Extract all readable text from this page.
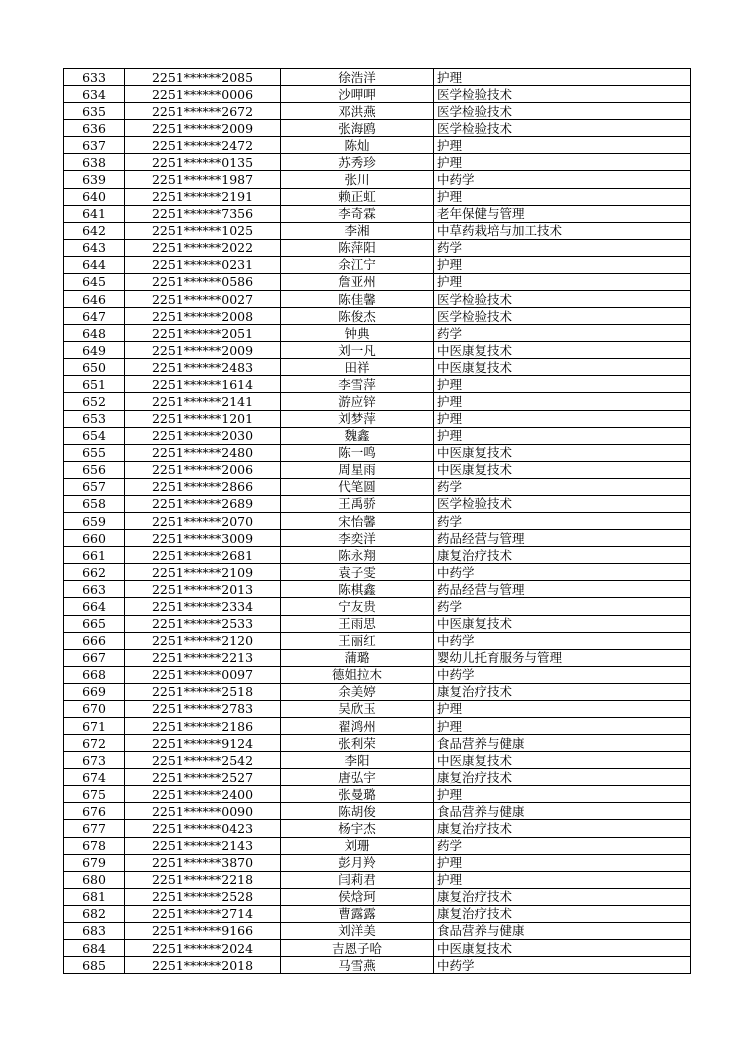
633	2251******2085	徐浩洋	护理
634	2251******0006	沙呷呷	医学检验技术
635	2251******2672	邓洪燕	医学检验技术
636	2251******2009	张海鸥	医学检验技术
637	2251******2472	陈灿	护理
638	2251******0135	苏秀珍	护理
639	2251******1987	张川	中药学
640	2251******2191	赖正虹	护理
641	2251******7356	李奇霖	老年保健与管理
642	2251******1025	李湘	中草药栽培与加工技术
643	2251******2022	陈萍阳	药学
644	2251******0231	余江宁	护理
645	2251******0586	詹亚州	护理
646	2251******0027	陈佳馨	医学检验技术
647	2251******2008	陈俊杰	医学检验技术
648	2251******2051	钟典	药学
649	2251******2009	刘一凡	中医康复技术
650	2251******2483	田祥	中医康复技术
651	2251******1614	李雪萍	护理
652	2251******2141	游应锌	护理
653	2251******1201	刘梦萍	护理
654	2251******2030	魏鑫	护理
655	2251******2480	陈一鸣	中医康复技术
656	2251******2006	周星雨	中医康复技术
657	2251******2866	代笔圆	药学
658	2251******2689	王禹骄	医学检验技术
659	2251******2070	宋怡馨	药学
660	2251******3009	李奕洋	药品经营与管理
661	2251******2681	陈永翔	康复治疗技术
662	2251******2109	袁子雯	中药学
663	2251******2013	陈棋鑫	药品经营与管理
664	2251******2334	宁友贵	药学
665	2251******2533	王雨思	中医康复技术
666	2251******2120	王丽红	中药学
667	2251******2213	蒲璐	婴幼儿托育服务与管理
668	2251******0097	德姐拉木	中药学
669	2251******2518	余美婷	康复治疗技术
670	2251******2783	吴欣玉	护理
671	2251******2186	翟鸿州	护理
672	2251******9124	张利荣	食品营养与健康
673	2251******2542	李阳	中医康复技术
674	2251******2527	唐弘宇	康复治疗技术
675	2251******2400	张曼璐	护理
676	2251******0090	陈胡俊	食品营养与健康
677	2251******0423	杨宇杰	康复治疗技术
678	2251******2143	刘珊	药学
679	2251******3870	彭月羚	护理
680	2251******2218	闫莉君	护理
681	2251******2528	侯焓珂	康复治疗技术
682	2251******2714	曹露露	康复治疗技术
683	2251******9166	刘洋美	食品营养与健康
684	2251******2024	吉恩子哈	中医康复技术
685	2251******2018	马雪燕	中药学
